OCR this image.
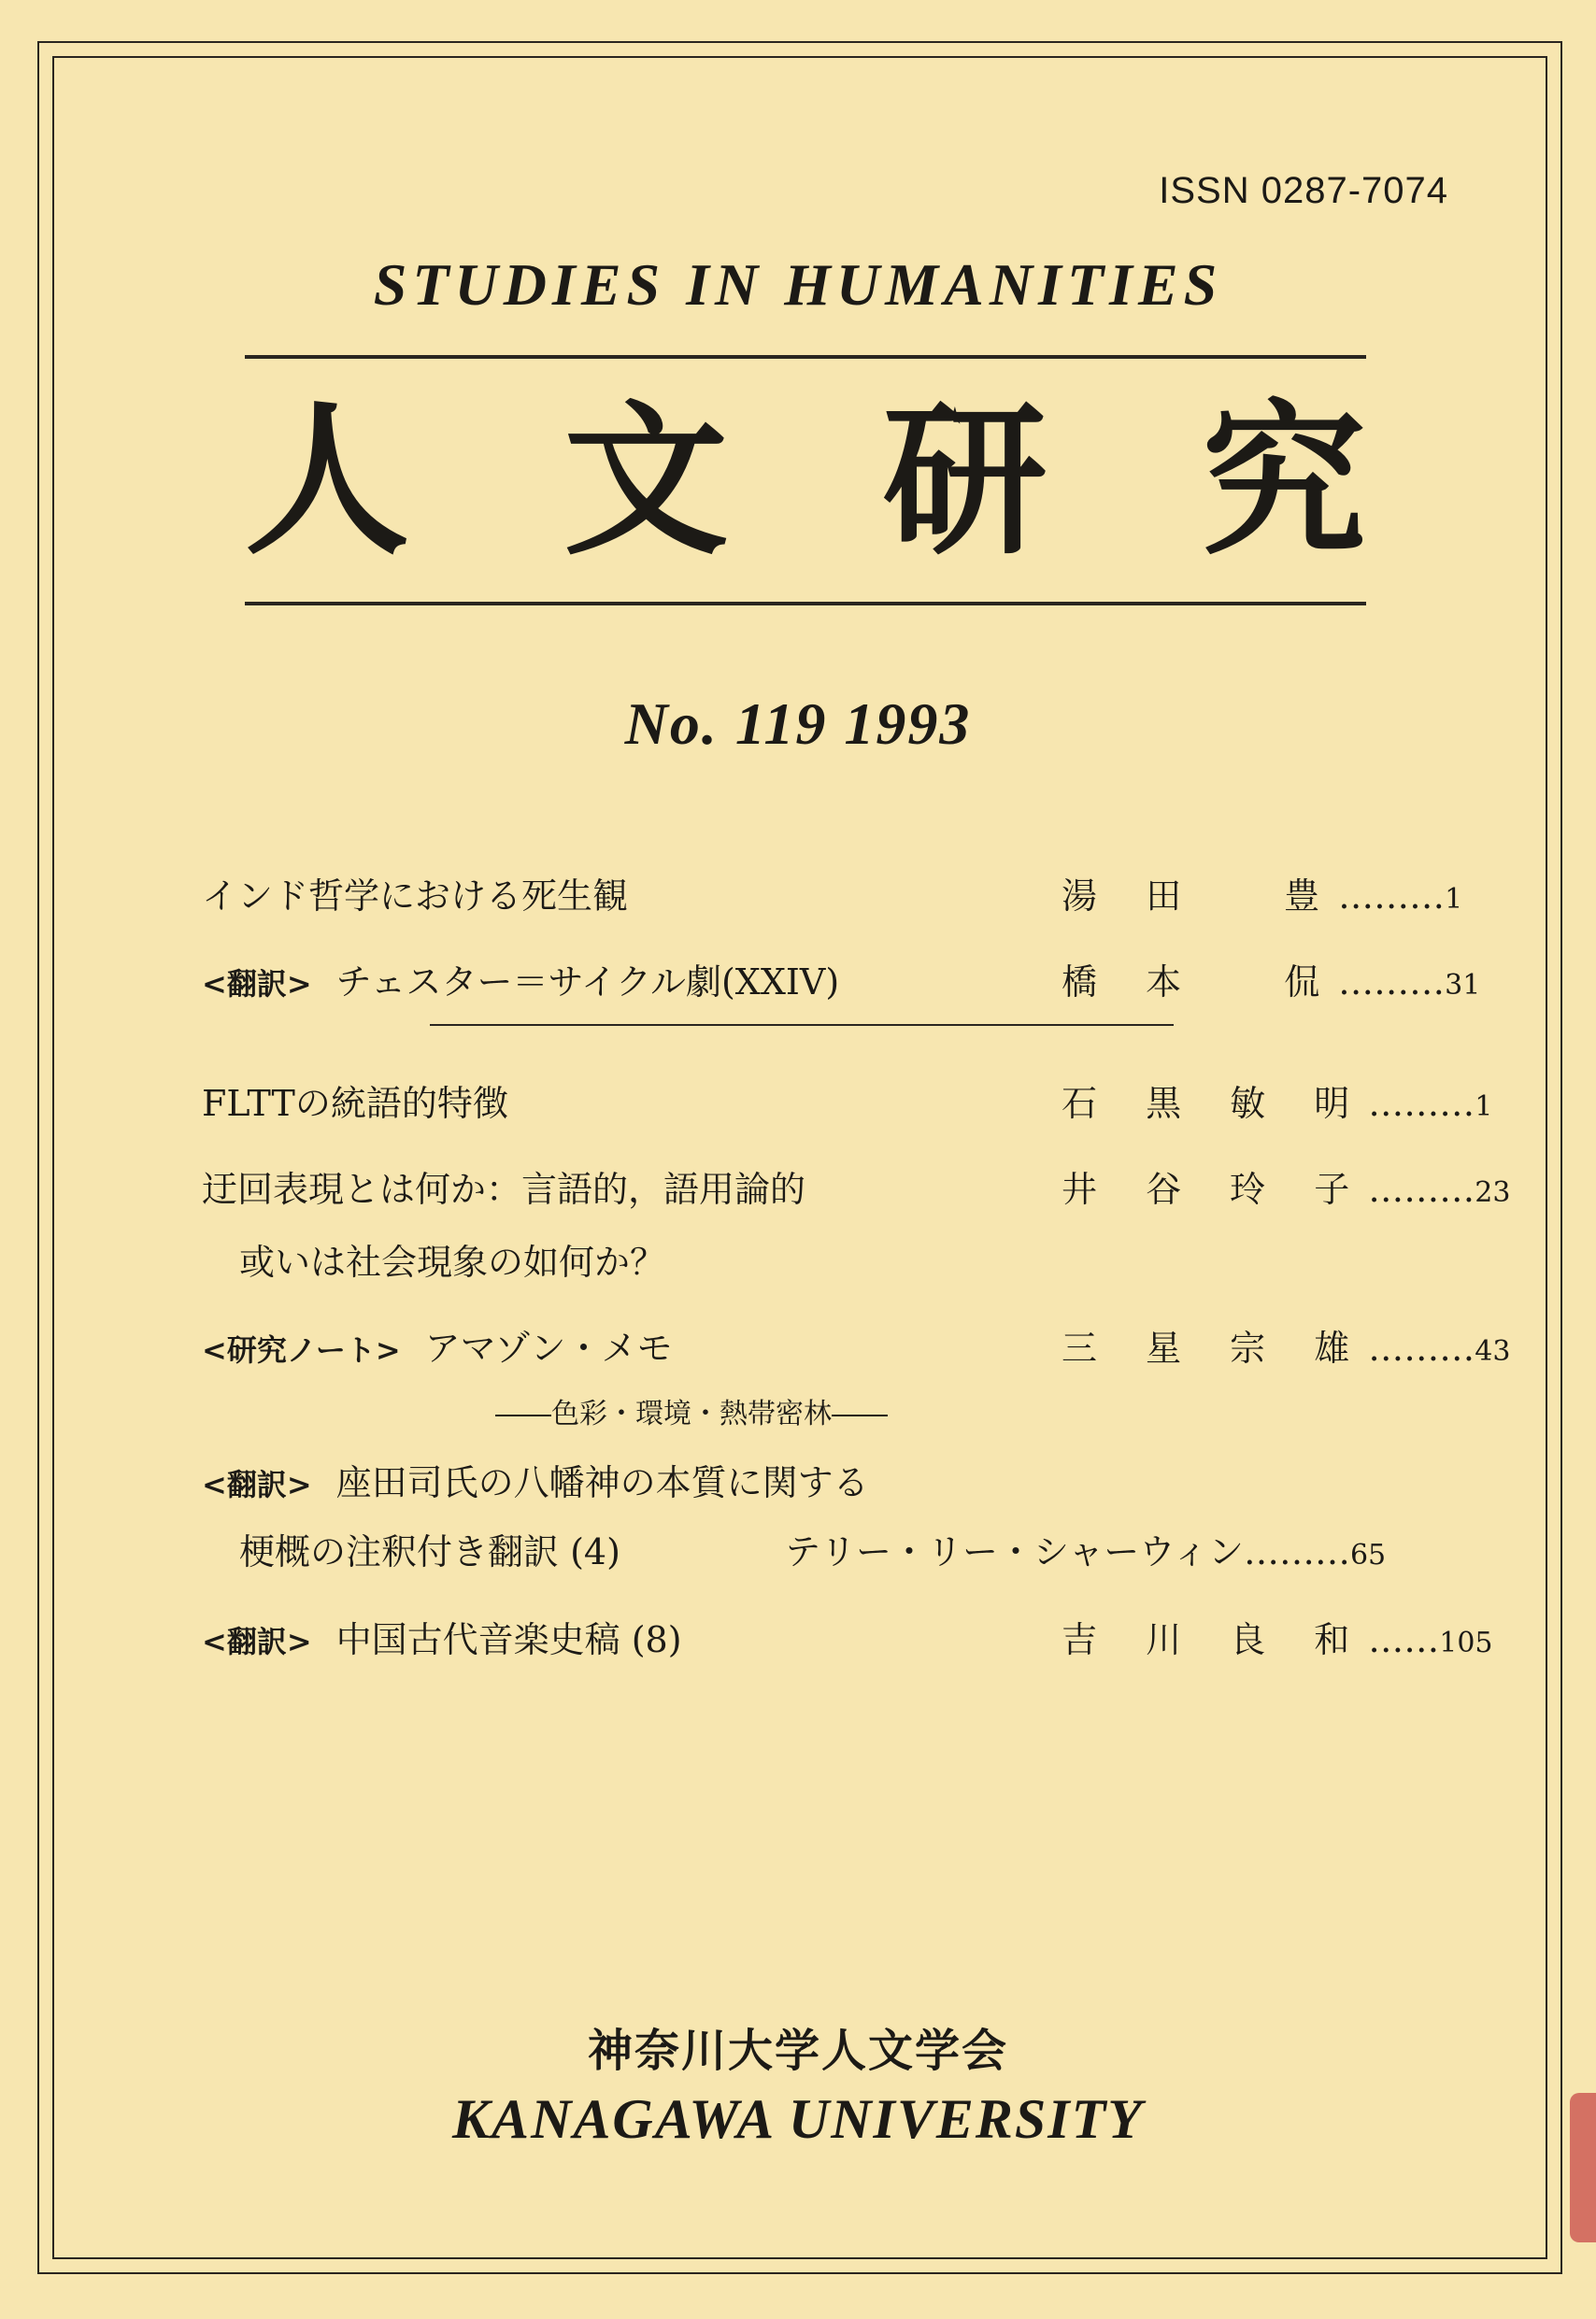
ISSN 0287-7074
STUDIES IN HUMANITIES
人 文 研 究
No. 119 1993
インド哲学における死生観	湯 田 　豊………1
<翻訳> チェスター＝サイクル劇(XXIV)	橋 本 　侃………31
FLTTの統語的特徴	石 黒 敏 明………1
迂回表現とは何か：言語的，語用論的	井 谷 玲 子………23
或いは社会現象の如何か？
<研究ノート> アマゾン・メモ	三 星 宗 雄………43
――色彩・環境・熱帯密林――
<翻訳> 座田司氏の八幡神の本質に関する
梗概の注釈付き翻訳 (4)	テリー・リー・シャーウィン………65
<翻訳> 中国古代音楽史稿 (8)	吉 川 良 和……105
神奈川大学人文学会
KANAGAWA UNIVERSITY
